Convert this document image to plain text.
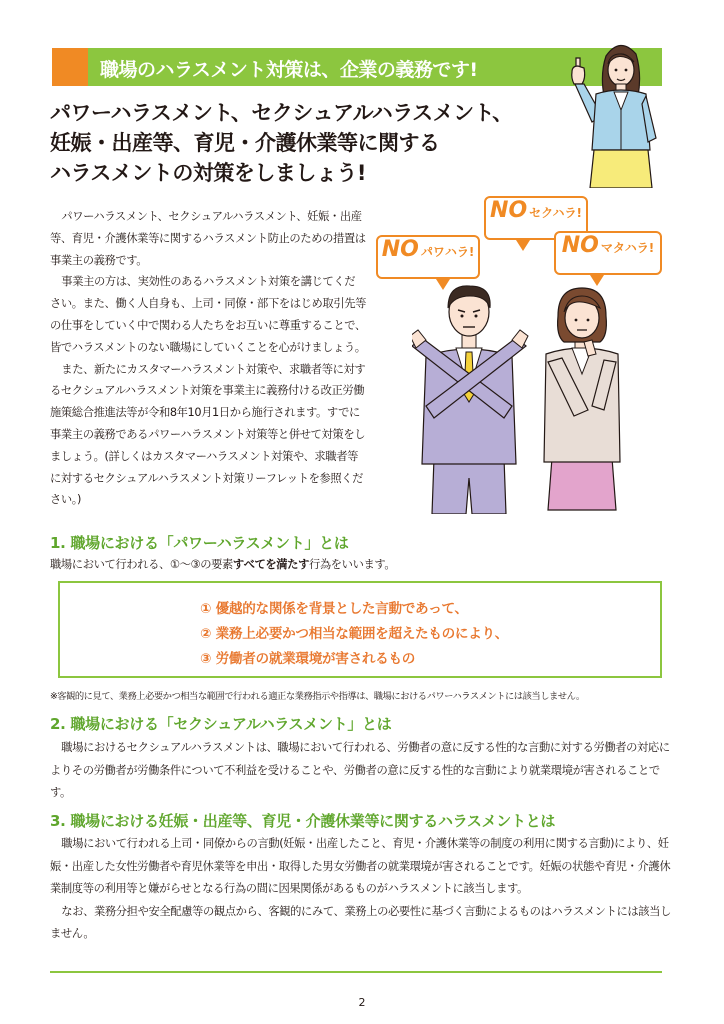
職場のハラスメント対策は、企業の義務です!
パワーハラスメント、セクシュアルハラスメント、
妊娠・出産等、育児・介護休業等に関する
ハラスメントの対策をしましょう!

パワーハラスメント、セクシュアルハラスメント、妊娠・出産等、育児・介護休業等に関するハラスメント防止のための措置は事業主の義務です。

事業主の方は、実効性のあるハラスメント対策を講じてください。また、働く人自身も、上司・同僚・部下をはじめ取引先等の仕事をしていく中で関わる人たちをお互いに尊重することで、皆でハラスメントのない職場にしていくことを心がけましょう。

また、新たにカスタマーハラスメント対策や、求職者等に対するセクシュアルハラスメント対策を事業主に義務付ける改正労働施策総合推進法等が令和8年10月1日から施行されます。すでに事業主の義務であるパワーハラスメント対策等と併せて対策をしましょう。(詳しくはカスタマーハラスメント対策や、求職者等に対するセクシュアルハラスメント対策リーフレットを参照ください。)

NO パワハラ!
NO セクハラ!
NO マタハラ!
1. 職場における「パワーハラスメント」とは
職場において行われる、①～③の要素すべてを満たす行為をいいます。
① 優越的な関係を背景とした言動であって、
② 業務上必要かつ相当な範囲を超えたものにより、
③ 労働者の就業環境が害されるもの
※客観的に見て、業務上必要かつ相当な範囲で行われる適正な業務指示や指導は、職場におけるパワーハラスメントには該当しません。
2. 職場における「セクシュアルハラスメント」とは

職場におけるセクシュアルハラスメントは、職場において行われる、労働者の意に反する性的な言動に対する労働者の対応によりその労働者が労働条件について不利益を受けることや、労働者の意に反する性的な言動により就業環境が害されることです。

3. 職場における妊娠・出産等、育児・介護休業等に関するハラスメントとは

職場において行われる上司・同僚からの言動(妊娠・出産したこと、育児・介護休業等の制度の利用に関する言動)により、妊娠・出産した女性労働者や育児休業等を申出・取得した男女労働者の就業環境が害されることです。妊娠の状態や育児・介護休業制度等の利用等と嫌がらせとなる行為の間に因果関係があるものがハラスメントに該当します。

なお、業務分担や安全配慮等の観点から、客観的にみて、業務上の必要性に基づく言動によるものはハラスメントには該当しません。

2
